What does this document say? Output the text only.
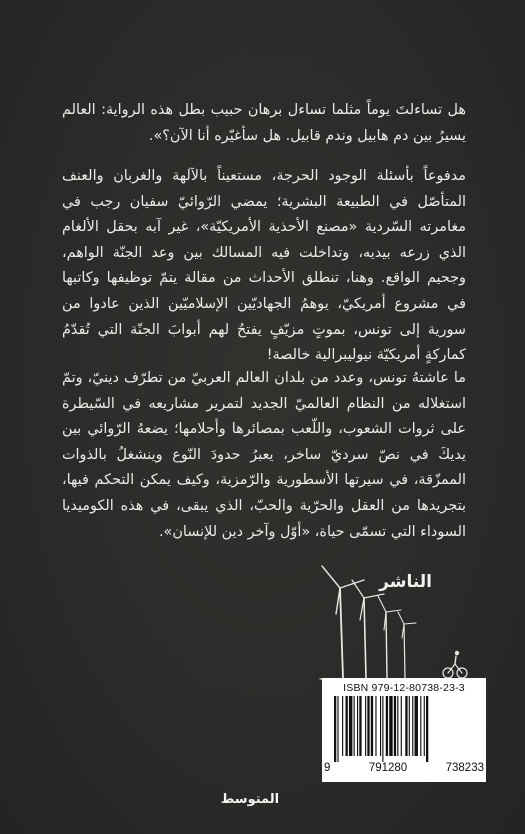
هل تساءلتَ يوماً مثلما تساءل برهان حبيب بطل هذه الرواية: العالم يسيرُ بين دم هابيل وندم قابيل. هل سأغيّره أنا الآن؟».

مدفوعاً بأسئلة الوجود الحرجة، مستعيناً بالآلهة والغربان والعنف المتأصّل في الطبيعة البشرية؛ يمضي الرّوائيّ سفيان رجب في مغامرته السّردية «مصنع الأحذية الأمريكيّة»، غير آبه بحقل الألغام الذي زرعه بيديه، وتداخلت فيه المسالك بين وعد الجنّة الواهم، وجحيم الواقع. وهنا، تنطلق الأحداث من مقالة يتمّ توظيفها وكاتبها في مشروع أمريكيّ، يوهمُ الجهاديّين الإسلاميّين الذين عادوا من سورية إلى تونس، بموتٍ مزيّفٍ يفتحُ لهم أبوابَ الجنّة التي تُقدّمُ كماركةٍ أمريكيّة نيوليبرالية خالصة!

ما عاشتهُ تونس، وعدد من بلدان العالم العربيّ من تطرّف دينيّ، وتمّ استغلاله من النظام العالميّ الجديد لتمرير مشاريعه في السّيطرة على ثروات الشعوب، واللّعب بمصائرها وأحلامها؛ يضعهُ الرّوائي بين يديكَ في نصّ سرديّ ساخر، يعبرُ حدودَ النّوع وينشغلُ بالذوات الممزّقة، في سيرتها الأسطورية والرّمزية، وكيف يمكن التحكم فيها، بتجريدها من العقل والحرّية والحبّ، الذي يبقى، في هذه الكوميديا السوداء التي تسمّى حياة، «أوّل وآخر دين للإنسان».

الناشر
ISBN 979-12-80738-23-3
9	791280	738233
المتوسط
